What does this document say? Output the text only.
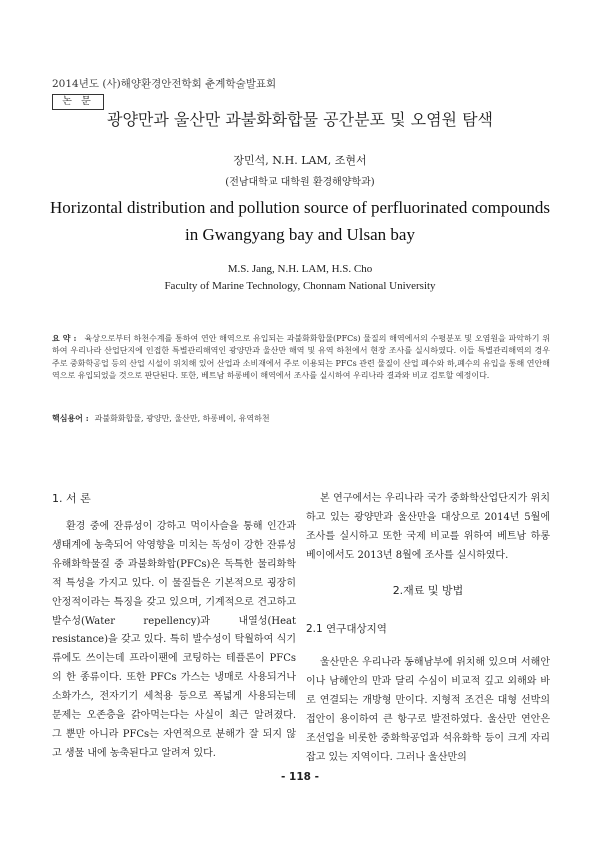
2014년도 (사)해양환경안전학회 춘계학술발표회
논 문
광양만과 울산만 과불화화합물 공간분포 및 오염원 탐색
장민석, N.H. LAM, 조현서
(전남대학교 대학원 환경해양학과)
Horizontal distribution and pollution source of perfluorinated compounds
in Gwangyang bay and Ulsan bay
M.S. Jang, N.H. LAM, H.S. Cho
Faculty of Marine Technology, Chonnam National University
요 약 : 육상으로부터 하천수계를 통하여 연안 해역으로 유입되는 과불화화합물(PFCs) 물질의 해역에서의 수평분포 및 오염원을 파악하기 위하여 우리나라 산업단지에 인접한 특별관리해역인 광양만과 울산만 해역 및 유역 하천에서 현장 조사를 실시하였다. 이들 특별관리해역의 경우 주로 중화학공업 등의 산업 시설이 위치해 있어 산업과 소비재에서 주로 이용되는 PFCs 관련 물질이 산업 폐수와 하,폐수의 유입을 통해 연안해역으로 유입되었을 것으로 판단된다. 또한, 베트남 하롱베이 해역에서 조사를 실시하여 우리나라 결과와 비교 검토할 예정이다.
핵심용어 : 과불화화합물, 광양만, 울산만, 하롱베이, 유역하천
1. 서 론

환경 중에 잔류성이 강하고 먹이사슬을 통해 인간과 생태계에 농축되어 악영향을 미치는 독성이 강한 잔류성 유해화학물질 중 과불화화합(PFCs)은 독특한 물리화학적 특성을 가지고 있다. 이 물질들은 기본적으로 굉장히 안정적이라는 특징을 갖고 있으며, 기계적으로 견고하고 발수성(Water repellency)과 내열성(Heat resistance)을 갖고 있다. 특히 발수성이 탁월하여 식기류에도 쓰이는데 프라이팬에 코팅하는 테플론이 PFCs의 한 종류이다. 또한 PFCs 가스는 냉매로 사용되거나 소화가스, 전자기기 세척용 등으로 폭넓게 사용되는데 문제는 오존층을 갉아먹는다는 사실이 최근 알려졌다. 그 뿐만 아니라 PFCs는 자연적으로 분해가 잘 되지 않고 생물 내에 농축된다고 알려져 있다.

본 연구에서는 우리나라 국가 중화학산업단지가 위치하고 있는 광양만과 울산만을 대상으로 2014년 5월에 조사를 실시하고 또한 국제 비교를 위하여 베트남 하롱베이에서도 2013년 8월에 조사를 실시하였다.

2.재료 및 방법
2.1 연구대상지역

울산만은 우리나라 동해남부에 위치해 있으며 서해안이나 남해안의 만과 달리 수심이 비교적 깊고 외해와 바로 연결되는 개방형 만이다. 지형적 조건은 대형 선박의 접안이 용이하여 큰 항구로 발전하였다. 울산만 연안은 조선업을 비롯한 중화학공업과 석유화학 등이 크게 자리 잡고 있는 지역이다. 그러나 울산만의

- 118 -
